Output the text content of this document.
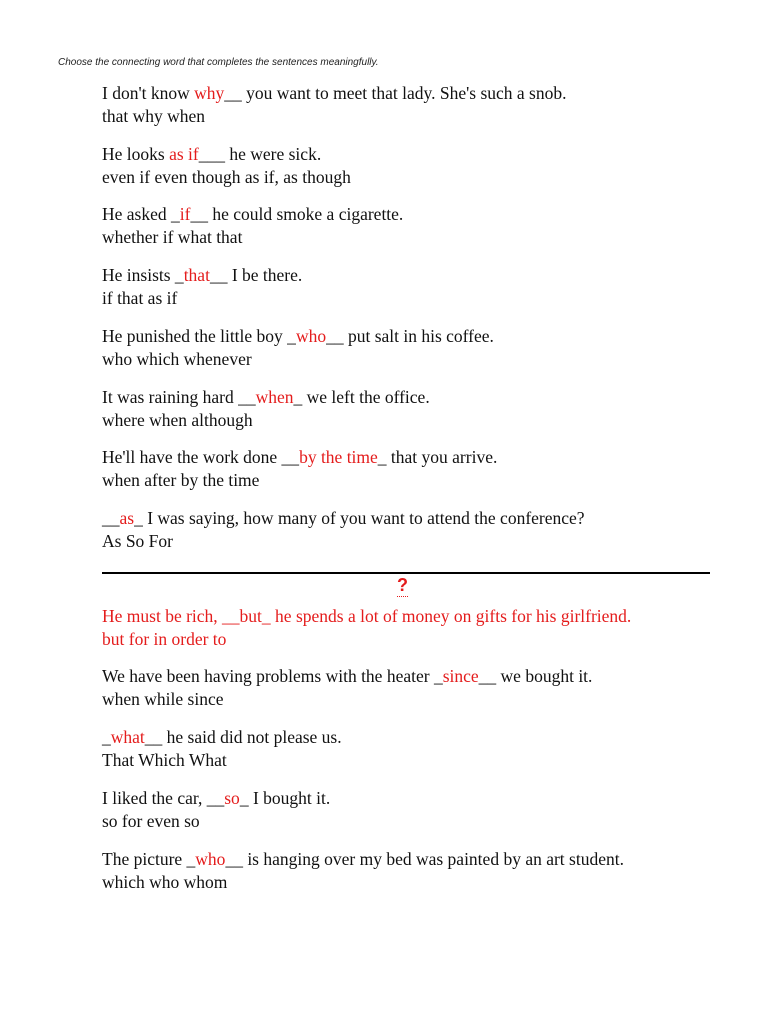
Choose the connecting word that completes the sentences meaningfully.
I don't know why__ you want to meet that lady. She's such a snob.
that why when
He looks as if___ he were sick.
even if even though as if, as though
He asked _if__ he could smoke a cigarette.
whether if what that
He insists _that__ I be there.
if that as if
He punished the little boy _who__ put salt in his coffee.
who which whenever
It was raining hard __when_ we left the office.
where when although
He'll have the work done __by the time_ that you arrive.
when after by the time
__as_ I was saying, how many of you want to attend the conference?
As So For
?
He must be rich, __but_ he spends a lot of money on gifts for his girlfriend.
but for in order to
We have been having problems with the heater _since__ we bought it.
when while since
_what__ he said did not please us.
That Which What
I liked the car, __so_ I bought it.
so for even so
The picture _who__ is hanging over my bed was painted by an art student.
which who whom
